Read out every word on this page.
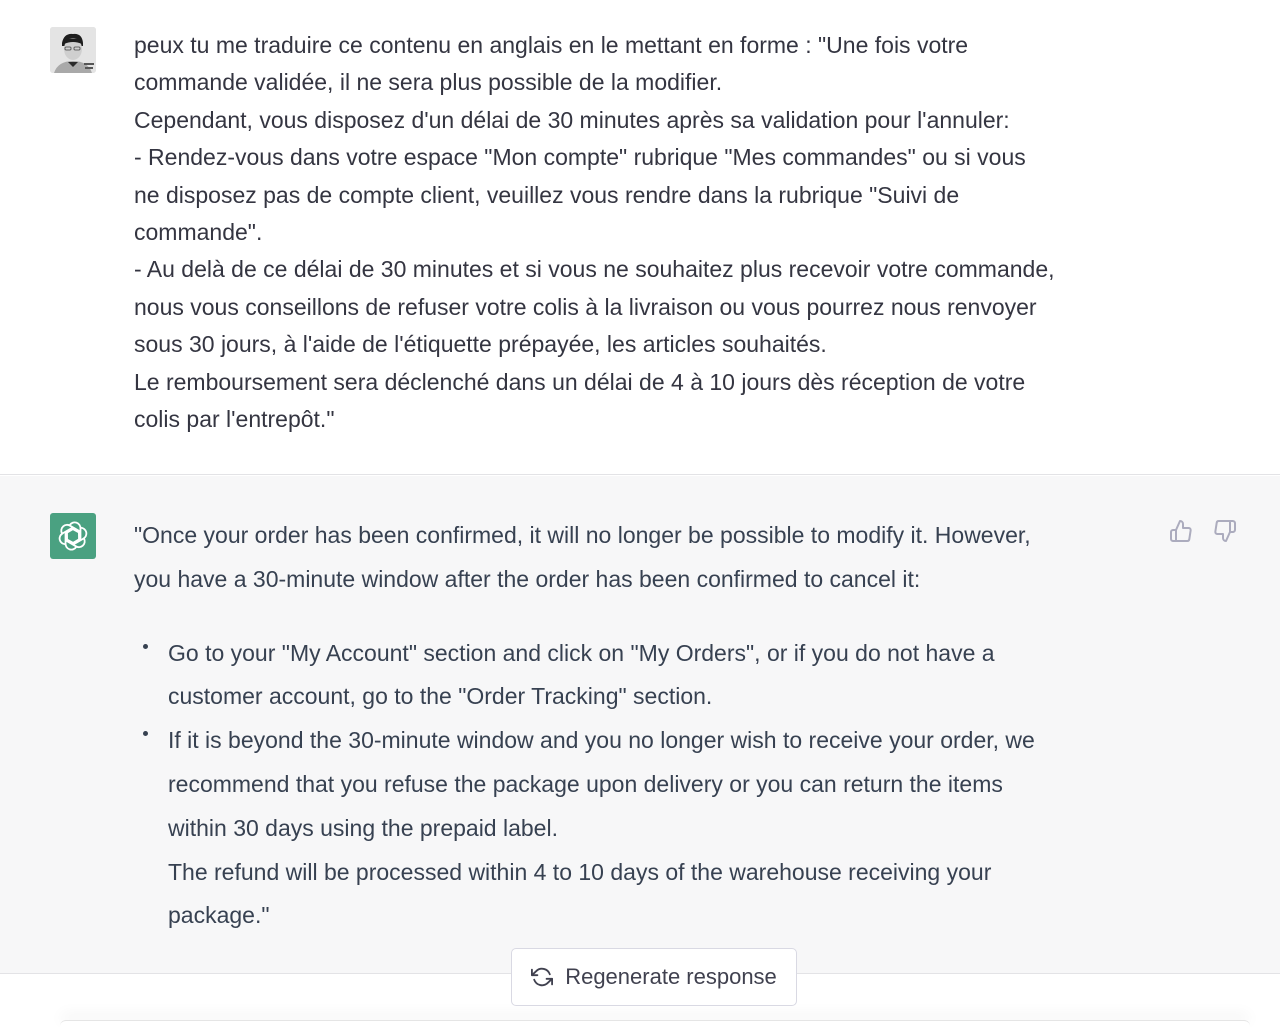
peux tu me traduire ce contenu en anglais en le mettant en forme : "Une fois votre
commande validée, il ne sera plus possible de la modifier.
Cependant, vous disposez d'un délai de 30 minutes après sa validation pour l'annuler:
- Rendez-vous dans votre espace "Mon compte" rubrique "Mes commandes" ou si vous
ne disposez pas de compte client, veuillez vous rendre dans la rubrique "Suivi de
commande".
- Au delà de ce délai de 30 minutes et si vous ne souhaitez plus recevoir votre commande,
nous vous conseillons de refuser votre colis à la livraison ou vous pourrez nous renvoyer
sous 30 jours, à l'aide de l'étiquette prépayée, les articles souhaités.
Le remboursement sera déclenché dans un délai de 4 à 10 jours dès réception de votre
colis par l'entrepôt."
"Once your order has been confirmed, it will no longer be possible to modify it. However,
you have a 30-minute window after the order has been confirmed to cancel it:
Go to your "My Account" section and click on "My Orders", or if you do not have a
customer account, go to the "Order Tracking" section.
If it is beyond the 30-minute window and you no longer wish to receive your order, we
recommend that you refuse the package upon delivery or you can return the items
within 30 days using the prepaid label.
The refund will be processed within 4 to 10 days of the warehouse receiving your
package."
Regenerate response
